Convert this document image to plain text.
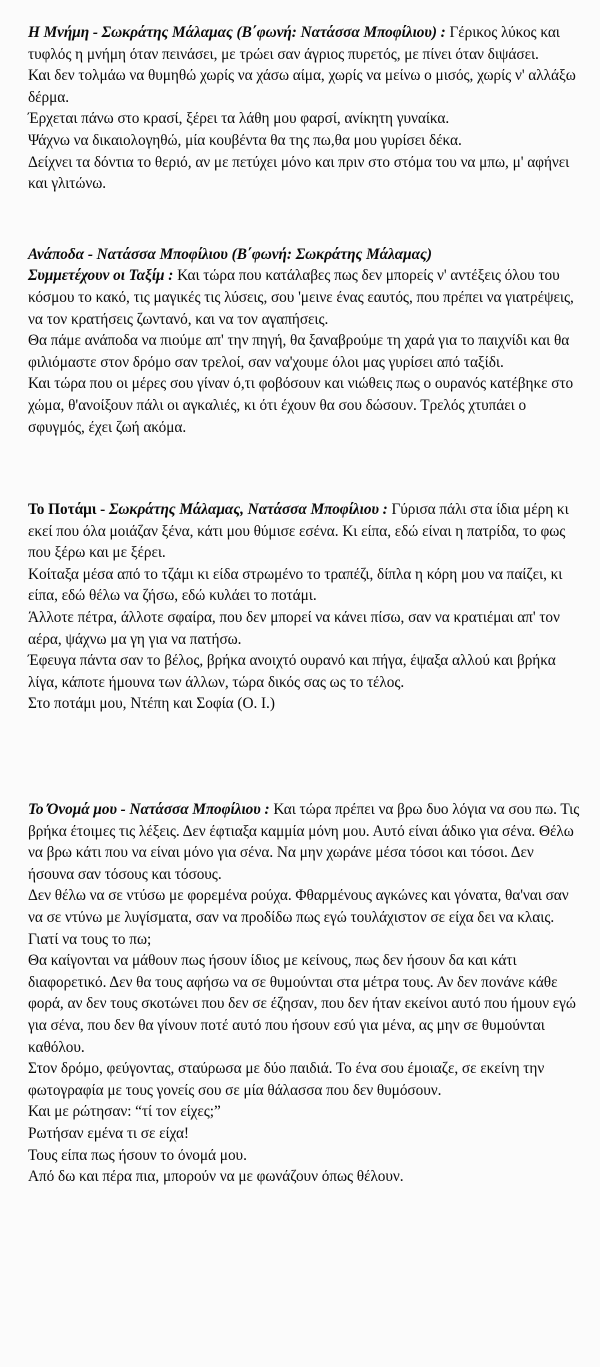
Η Μνήμη - Σωκράτης Μάλαμας (Β΄φωνή: Νατάσσα Μποφίλιου) : Γέρικος λύκος και τυφλός η μνήμη όταν πεινάσει, με τρώει σαν άγριος πυρετός, με πίνει όταν διψάσει.

Και δεν τολμάω να θυμηθώ χωρίς να χάσω αίμα, χωρίς να μείνω ο μισός, χωρίς ν' αλλάξω δέρμα.

Έρχεται πάνω στο κρασί, ξέρει τα λάθη μου φαρσί, ανίκητη γυναίκα.

Ψάχνω να δικαιολογηθώ, μία κουβέντα θα της πω,θα μου γυρίσει δέκα.

Δείχνει τα δόντια το θεριό, αν με πετύχει μόνο και πριν στο στόμα του να μπω, μ' αφήνει και γλιτώνω.

Ανάποδα - Νατάσσα Μποφίλιου (Β΄φωνή: Σωκράτης Μάλαμας)

Συμμετέχουν οι Ταξίμ : Και τώρα που κατάλαβες πως δεν μπορείς ν' αντέξεις όλου του κόσμου το κακό, τις μαγικές τις λύσεις, σου 'μεινε ένας εαυτός, που πρέπει να γιατρέψεις, να τον κρατήσεις ζωντανό, και να τον αγαπήσεις.

Θα πάμε ανάποδα να πιούμε απ' την πηγή, θα ξαναβρούμε τη χαρά για το παιχνίδι και θα φιλιόμαστε στον δρόμο σαν τρελοί, σαν να'χουμε όλοι μας γυρίσει από ταξίδι.

Και τώρα που οι μέρες σου γίναν ό,τι φοβόσουν και νιώθεις πως ο ουρανός κατέβηκε στο χώμα, θ'ανοίξουν πάλι οι αγκαλιές, κι ότι έχουν θα σου δώσουν. Τρελός χτυπάει ο σφυγμός, έχει ζωή ακόμα.

Το Ποτάμι - Σωκράτης Μάλαμας, Νατάσσα Μποφίλιου : Γύρισα πάλι στα ίδια μέρη κι εκεί που όλα μοιάζαν ξένα, κάτι μου θύμισε εσένα. Κι είπα, εδώ είναι η πατρίδα, το φως που ξέρω και με ξέρει.

Κοίταξα μέσα από το τζάμι κι είδα στρωμένο το τραπέζι, δίπλα η κόρη μου να παίζει, κι είπα, εδώ θέλω να ζήσω, εδώ κυλάει το ποτάμι.

Άλλοτε πέτρα, άλλοτε σφαίρα, που δεν μπορεί να κάνει πίσω, σαν να κρατιέμαι απ' τον αέρα, ψάχνω μα γη για να πατήσω.

Έφευγα πάντα σαν το βέλος, βρήκα ανοιχτό ουρανό και πήγα, έψαξα αλλού και βρήκα λίγα, κάποτε ήμουνα των άλλων, τώρα δικός σας ως το τέλος.

Στο ποτάμι μου, Ντέπη και Σοφία (Ο. Ι.)

Το Όνομά μου - Νατάσσα Μποφίλιου : Και τώρα πρέπει να βρω δυο λόγια να σου πω. Τις βρήκα έτοιμες τις λέξεις. Δεν έφτιαξα καμμία μόνη μου. Αυτό είναι άδικο για σένα. Θέλω να βρω κάτι που να είναι μόνο για σένα. Να μην χωράνε μέσα τόσοι και τόσοι. Δεν ήσουνα σαν τόσους και τόσους.

Δεν θέλω να σε ντύσω με φορεμένα ρούχα. Φθαρμένους αγκώνες και γόνατα, θα'ναι σαν να σε ντύνω με λυγίσματα, σαν να προδίδω πως εγώ τουλάχιστον σε είχα δει να κλαις. Γιατί να τους το πω;

Θα καίγονται να μάθουν πως ήσουν ίδιος με κείνους, πως δεν ήσουν δα και κάτι διαφορετικό. Δεν θα τους αφήσω να σε θυμούνται στα μέτρα τους. Αν δεν πονάνε κάθε φορά, αν δεν τους σκοτώνει που δεν σε έζησαν, που δεν ήταν εκείνοι αυτό που ήμουν εγώ για σένα, που δεν θα γίνουν ποτέ αυτό που ήσουν εσύ για μένα, ας μην σε θυμούνται καθόλου.

Στον δρόμο, φεύγοντας, σταύρωσα με δύο παιδιά. Το ένα σου έμοιαζε, σε εκείνη την φωτογραφία με τους γονείς σου σε μία θάλασσα που δεν θυμόσουν.

Και με ρώτησαν: “τί τον είχες;”

Ρωτήσαν εμένα τι σε είχα!

Τους είπα πως ήσουν το όνομά μου.

Από δω και πέρα πια, μπορούν να με φωνάζουν όπως θέλουν.
